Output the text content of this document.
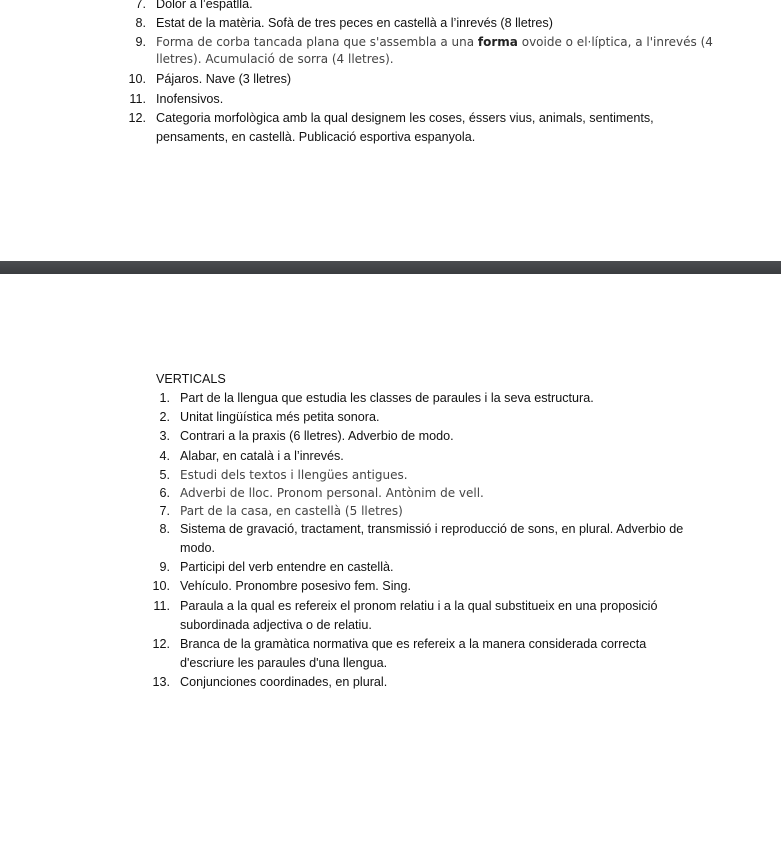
7. Dolor a l’espatlla.
8. Estat de la matèria. Sofà de tres peces en castellà a l’inrevés (8 lletres)
9. Forma de corba tancada plana que s'assembla a una forma ovoide o el·líptica, a l'inrevés (4 lletres). Acumulació de sorra (4 lletres).
10. Pájaros. Nave (3 lletres)
11. Inofensivos.
12. Categoria morfològica amb la qual designem les coses, éssers vius, animals, sentiments, pensaments, en castellà. Publicació esportiva espanyola.
VERTICALS
1. Part de la llengua que estudia les classes de paraules i la seva estructura.
2. Unitat lingüística més petita sonora.
3. Contrari a la praxis (6 lletres). Adverbio de modo.
4. Alabar, en català i a l’inrevés.
5. Estudi dels textos i llengües antigues.
6. Adverbi de lloc. Pronom personal. Antònim de vell.
7. Part de la casa, en castellà (5 lletres)
8. Sistema de gravació, tractament, transmissió i reproducció de sons, en plural. Adverbio de modo.
9. Participi del verb entendre en castellà.
10. Vehículo. Pronombre posesivo fem. Sing.
11. Paraula a la qual es refereix el pronom relatiu i a la qual substitueix en una proposició subordinada adjectiva o de relatiu.
12. Branca de la gramàtica normativa que es refereix a la manera considerada correcta d'escriure les paraules d'una llengua.
13. Conjunciones coordinades, en plural.
